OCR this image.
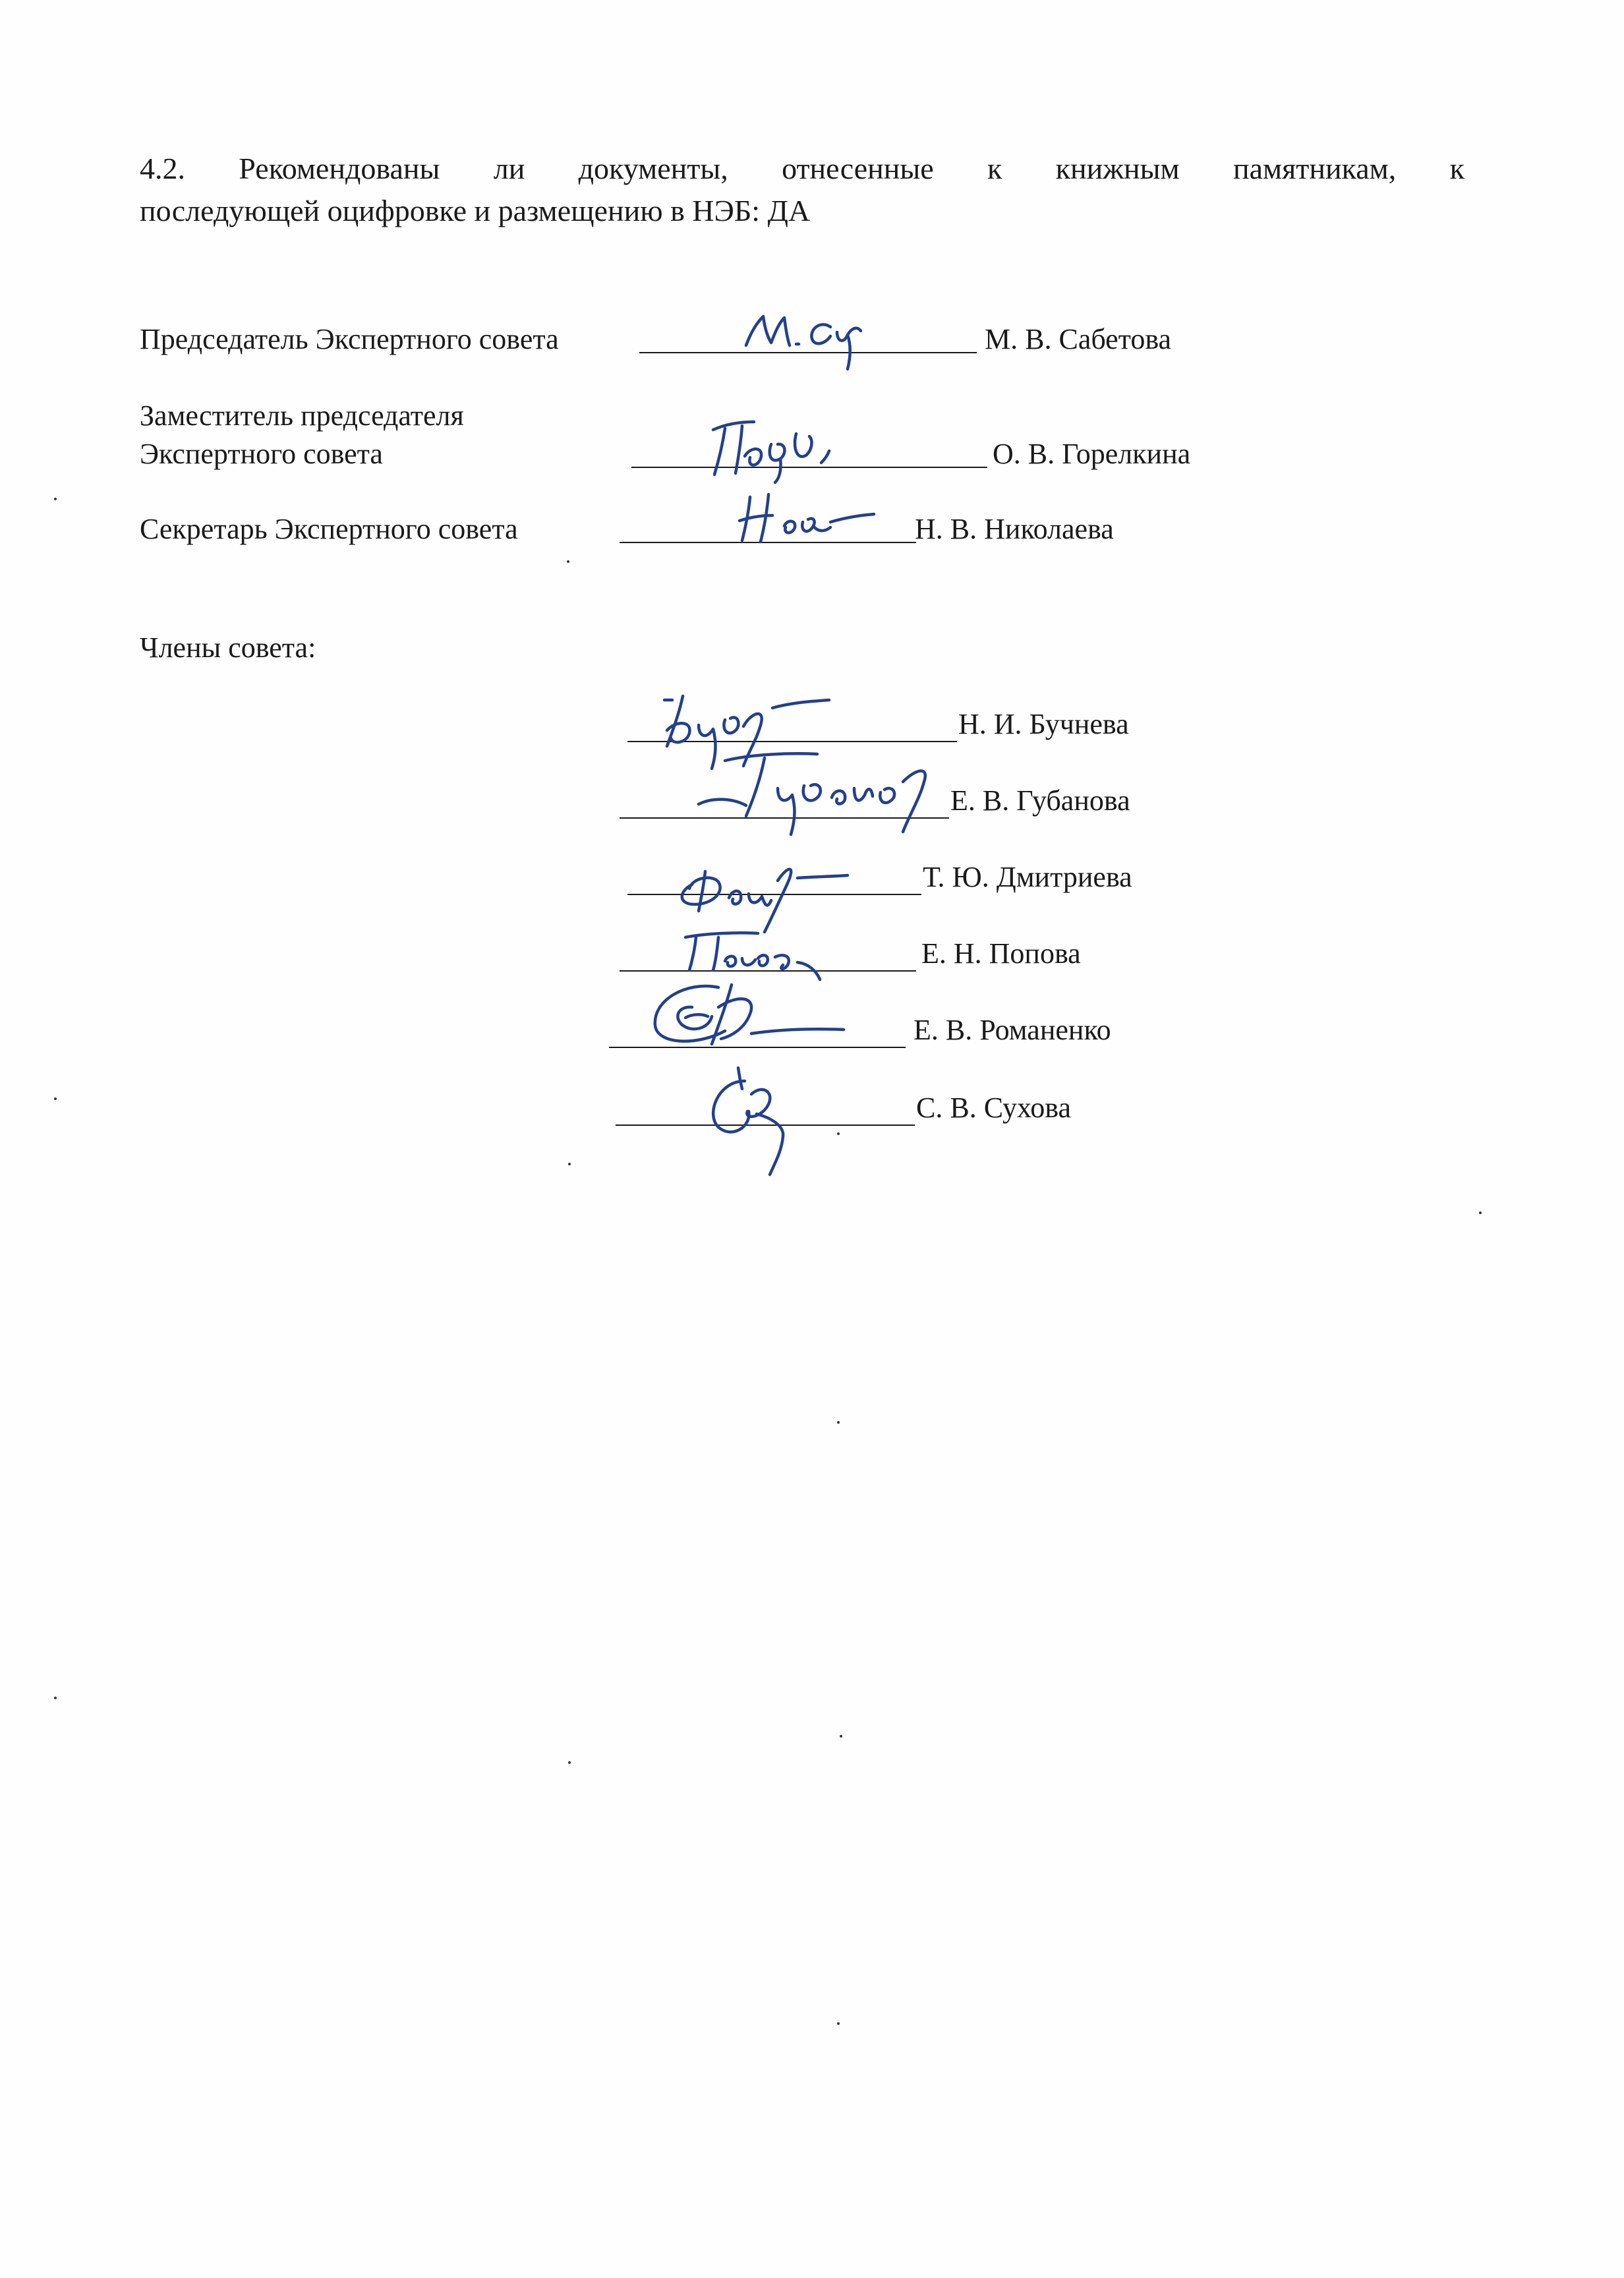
4.2. Рекомендованы ли документы, отнесенные к книжным памятникам, к
последующей оцифровке и размещению в НЭБ: ДА
Председатель Экспертного совета	М. В. Сабетова
Заместитель председателя
Экспертного совета	О. В. Горелкина
Секретарь Экспертного совета	Н. В. Николаева
Члены совета:
Н. И. Бучнева
Е. В. Губанова
Т. Ю. Дмитриева
Е. Н. Попова
Е. В. Романенко
С. В. Сухова
